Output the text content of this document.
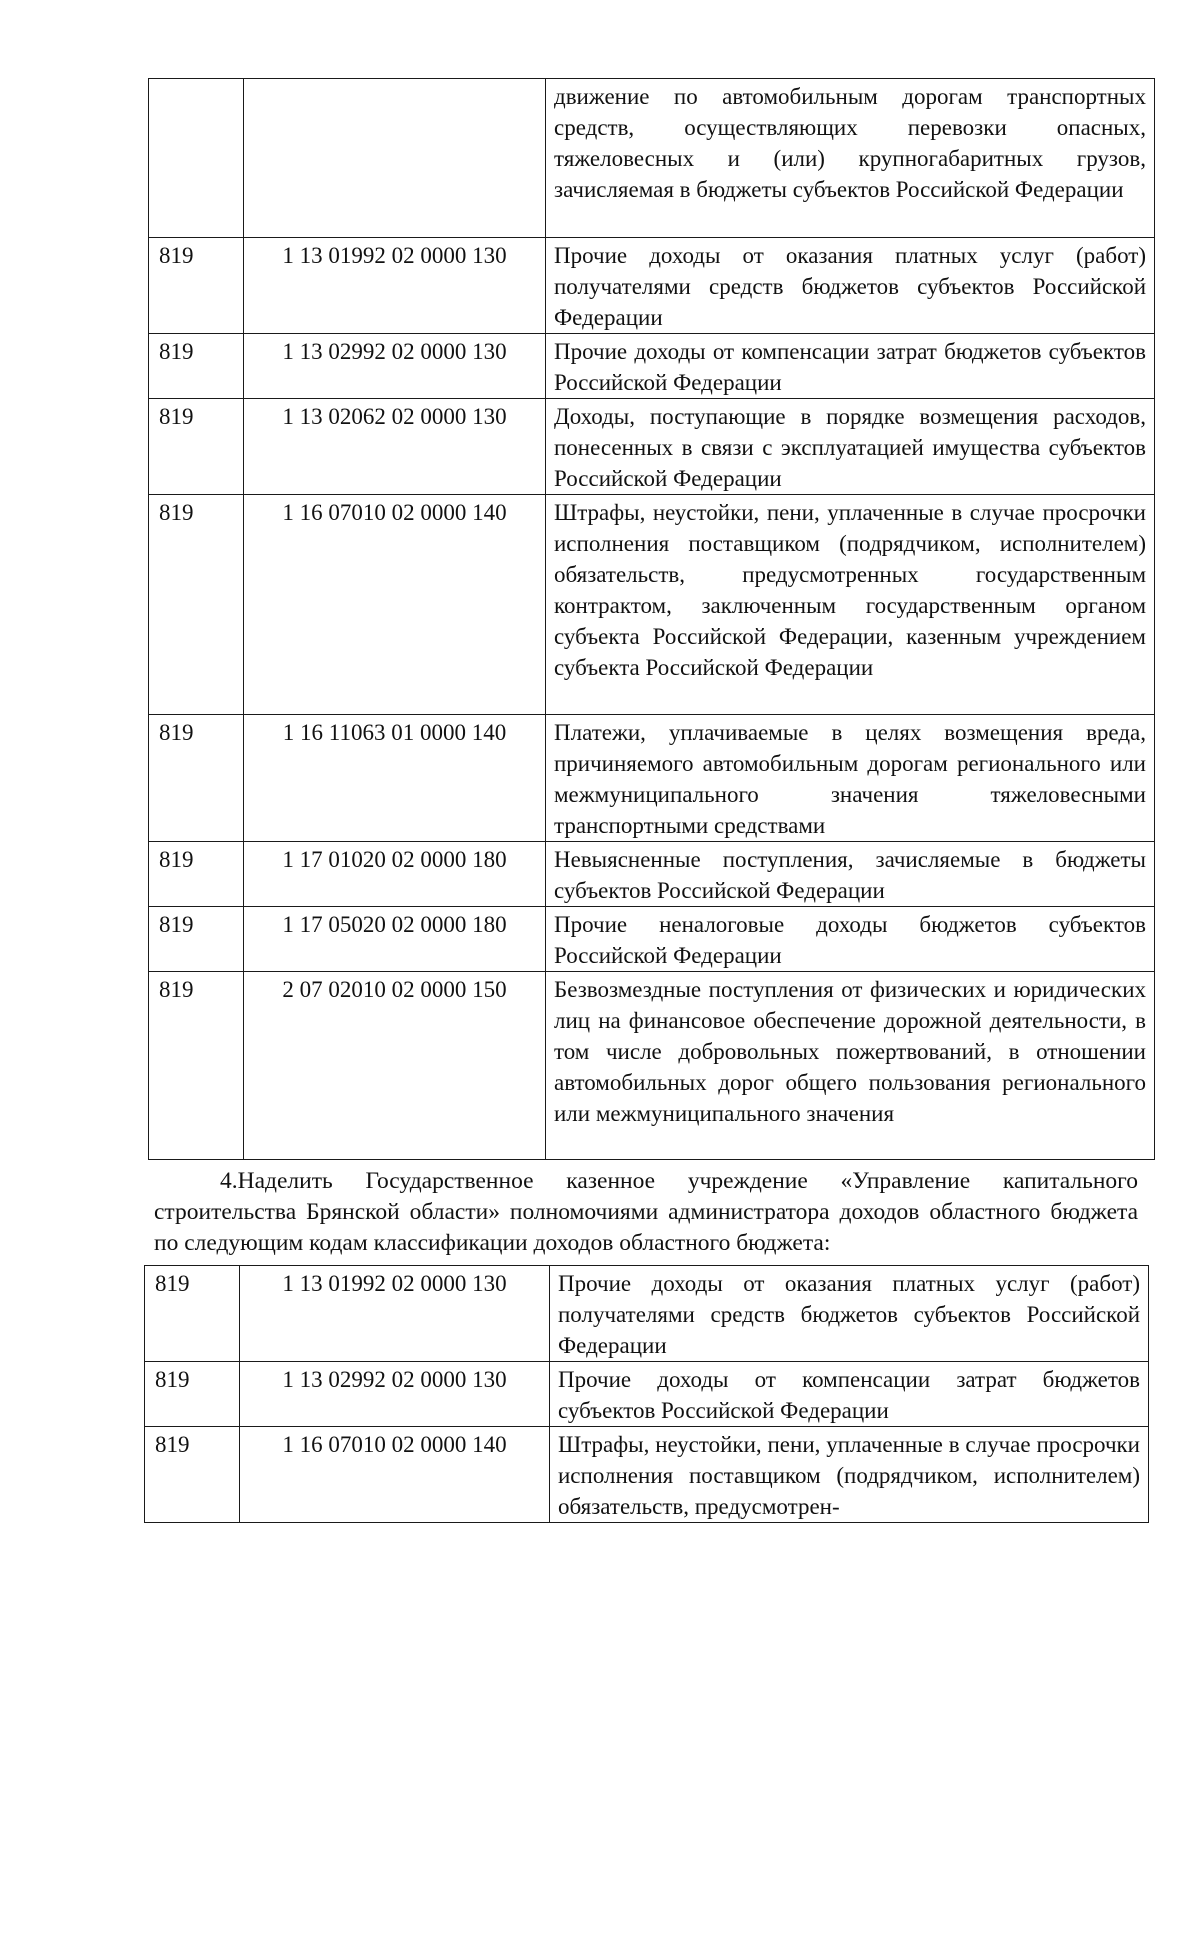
		движение по автомобильным дорогам транспортных средств, осуществляющих перевозки опасных, тяжеловесных и (или) крупногабаритных грузов, зачисляемая в бюджеты субъектов Российской Федерации
819	1 13 01992 02 0000 130	Прочие доходы от оказания платных услуг (работ) получателями средств бюджетов субъектов Российской Федерации
819	1 13 02992 02 0000 130	Прочие доходы от компенсации затрат бюджетов субъектов Российской Федерации
819	1 13 02062 02 0000 130	Доходы, поступающие в порядке возмещения расходов, понесенных в связи с эксплуатацией имущества субъектов Российской Федерации
819	1 16 07010 02 0000 140	Штрафы, неустойки, пени, уплаченные в случае просрочки исполнения поставщиком (подрядчиком, исполнителем) обязательств, предусмотренных государственным контрактом, заключенным государственным органом субъекта Российской Федерации, казенным учреждением субъекта Российской Федерации
819	1 16 11063 01 0000 140	Платежи, уплачиваемые в целях возмещения вреда, причиняемого автомобильным дорогам регионального или межмуниципального значения тяжеловесными транспортными средствами
819	1 17 01020 02 0000 180	Невыясненные поступления, зачисляемые в бюджеты субъектов Российской Федерации
819	1 17 05020 02 0000 180	Прочие неналоговые доходы бюджетов субъектов Российской Федерации
819	2 07 02010 02 0000 150	Безвозмездные поступления от физических и юридических лиц на финансовое обеспечение дорожной деятельности, в том числе добровольных пожертвований, в отношении автомобильных дорог общего пользования регионального или межмуниципального значения
4.Наделить Государственное казенное учреждение «Управление капитального строительства Брянской области» полномочиями администратора доходов областного бюджета по следующим кодам классификации доходов областного бюджета:
819	1 13 01992 02 0000 130	Прочие доходы от оказания платных услуг (работ) получателями средств бюджетов субъектов Российской Федерации
819	1 13 02992 02 0000 130	Прочие доходы от компенсации затрат бюджетов субъектов Российской Федерации
819	1 16 07010 02 0000 140	Штрафы, неустойки, пени, уплаченные в случае просрочки исполнения поставщиком (подрядчиком, исполнителем) обязательств, предусмотрен-
